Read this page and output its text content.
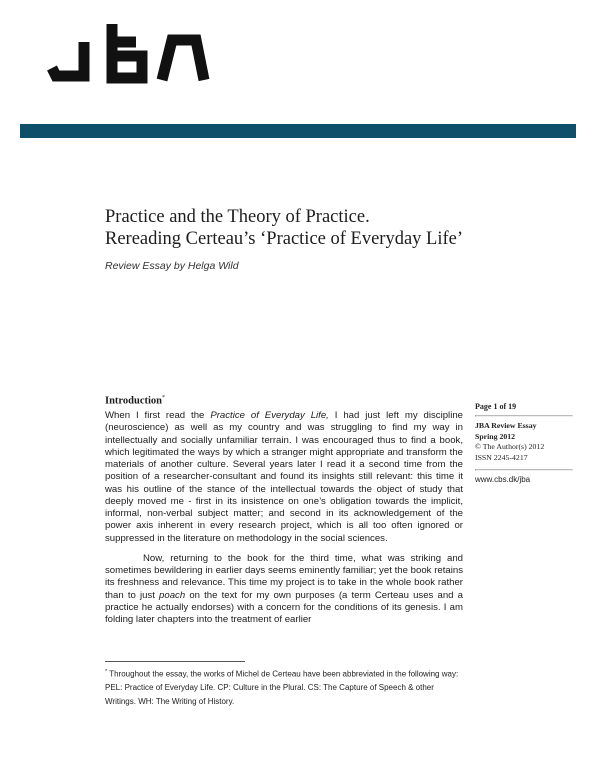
JBA
Practice and the Theory of Practice.
Rereading Certeau’s ‘Practice of Everyday Life’
Review Essay by Helga Wild
Introduction*

When I first read the Practice of Everyday Life, I had just left my discipline (neuroscience) as well as my country and was struggling to find my way in intellectually and socially unfamiliar terrain. I was encouraged thus to find a book, which legitimated the ways by which a stranger might appropriate and transform the materials of another culture. Several years later I read it a second time from the position of a researcher-consultant and found its insights still relevant: this time it was his outline of the stance of the intellectual towards the object of study that deeply moved me - first in its insistence on one’s obligation towards the implicit, informal, non-verbal subject matter; and second in its acknowledgement of the power axis inherent in every research project, which is all too often ignored or suppressed in the literature on methodology in the social sciences.

Now, returning to the book for the third time, what was striking and sometimes bewildering in earlier days seems eminently familiar; yet the book retains its freshness and relevance. This time my project is to take in the whole book rather than to just poach on the text for my own purposes (a term Certeau uses and a practice he actually endorses) with a concern for the conditions of its genesis. I am folding later chapters into the treatment of earlier

Page 1 of 19
JBA Review Essay
Spring 2012
© The Author(s) 2012
ISSN 2245-4217
www.cbs.dk/jba
* Throughout the essay, the works of Michel de Certeau have been abbreviated in the following way: PEL: Practice of Everyday Life. CP: Culture in the Plural. CS: The Capture of Speech & other Writings. WH: The Writing of History.
